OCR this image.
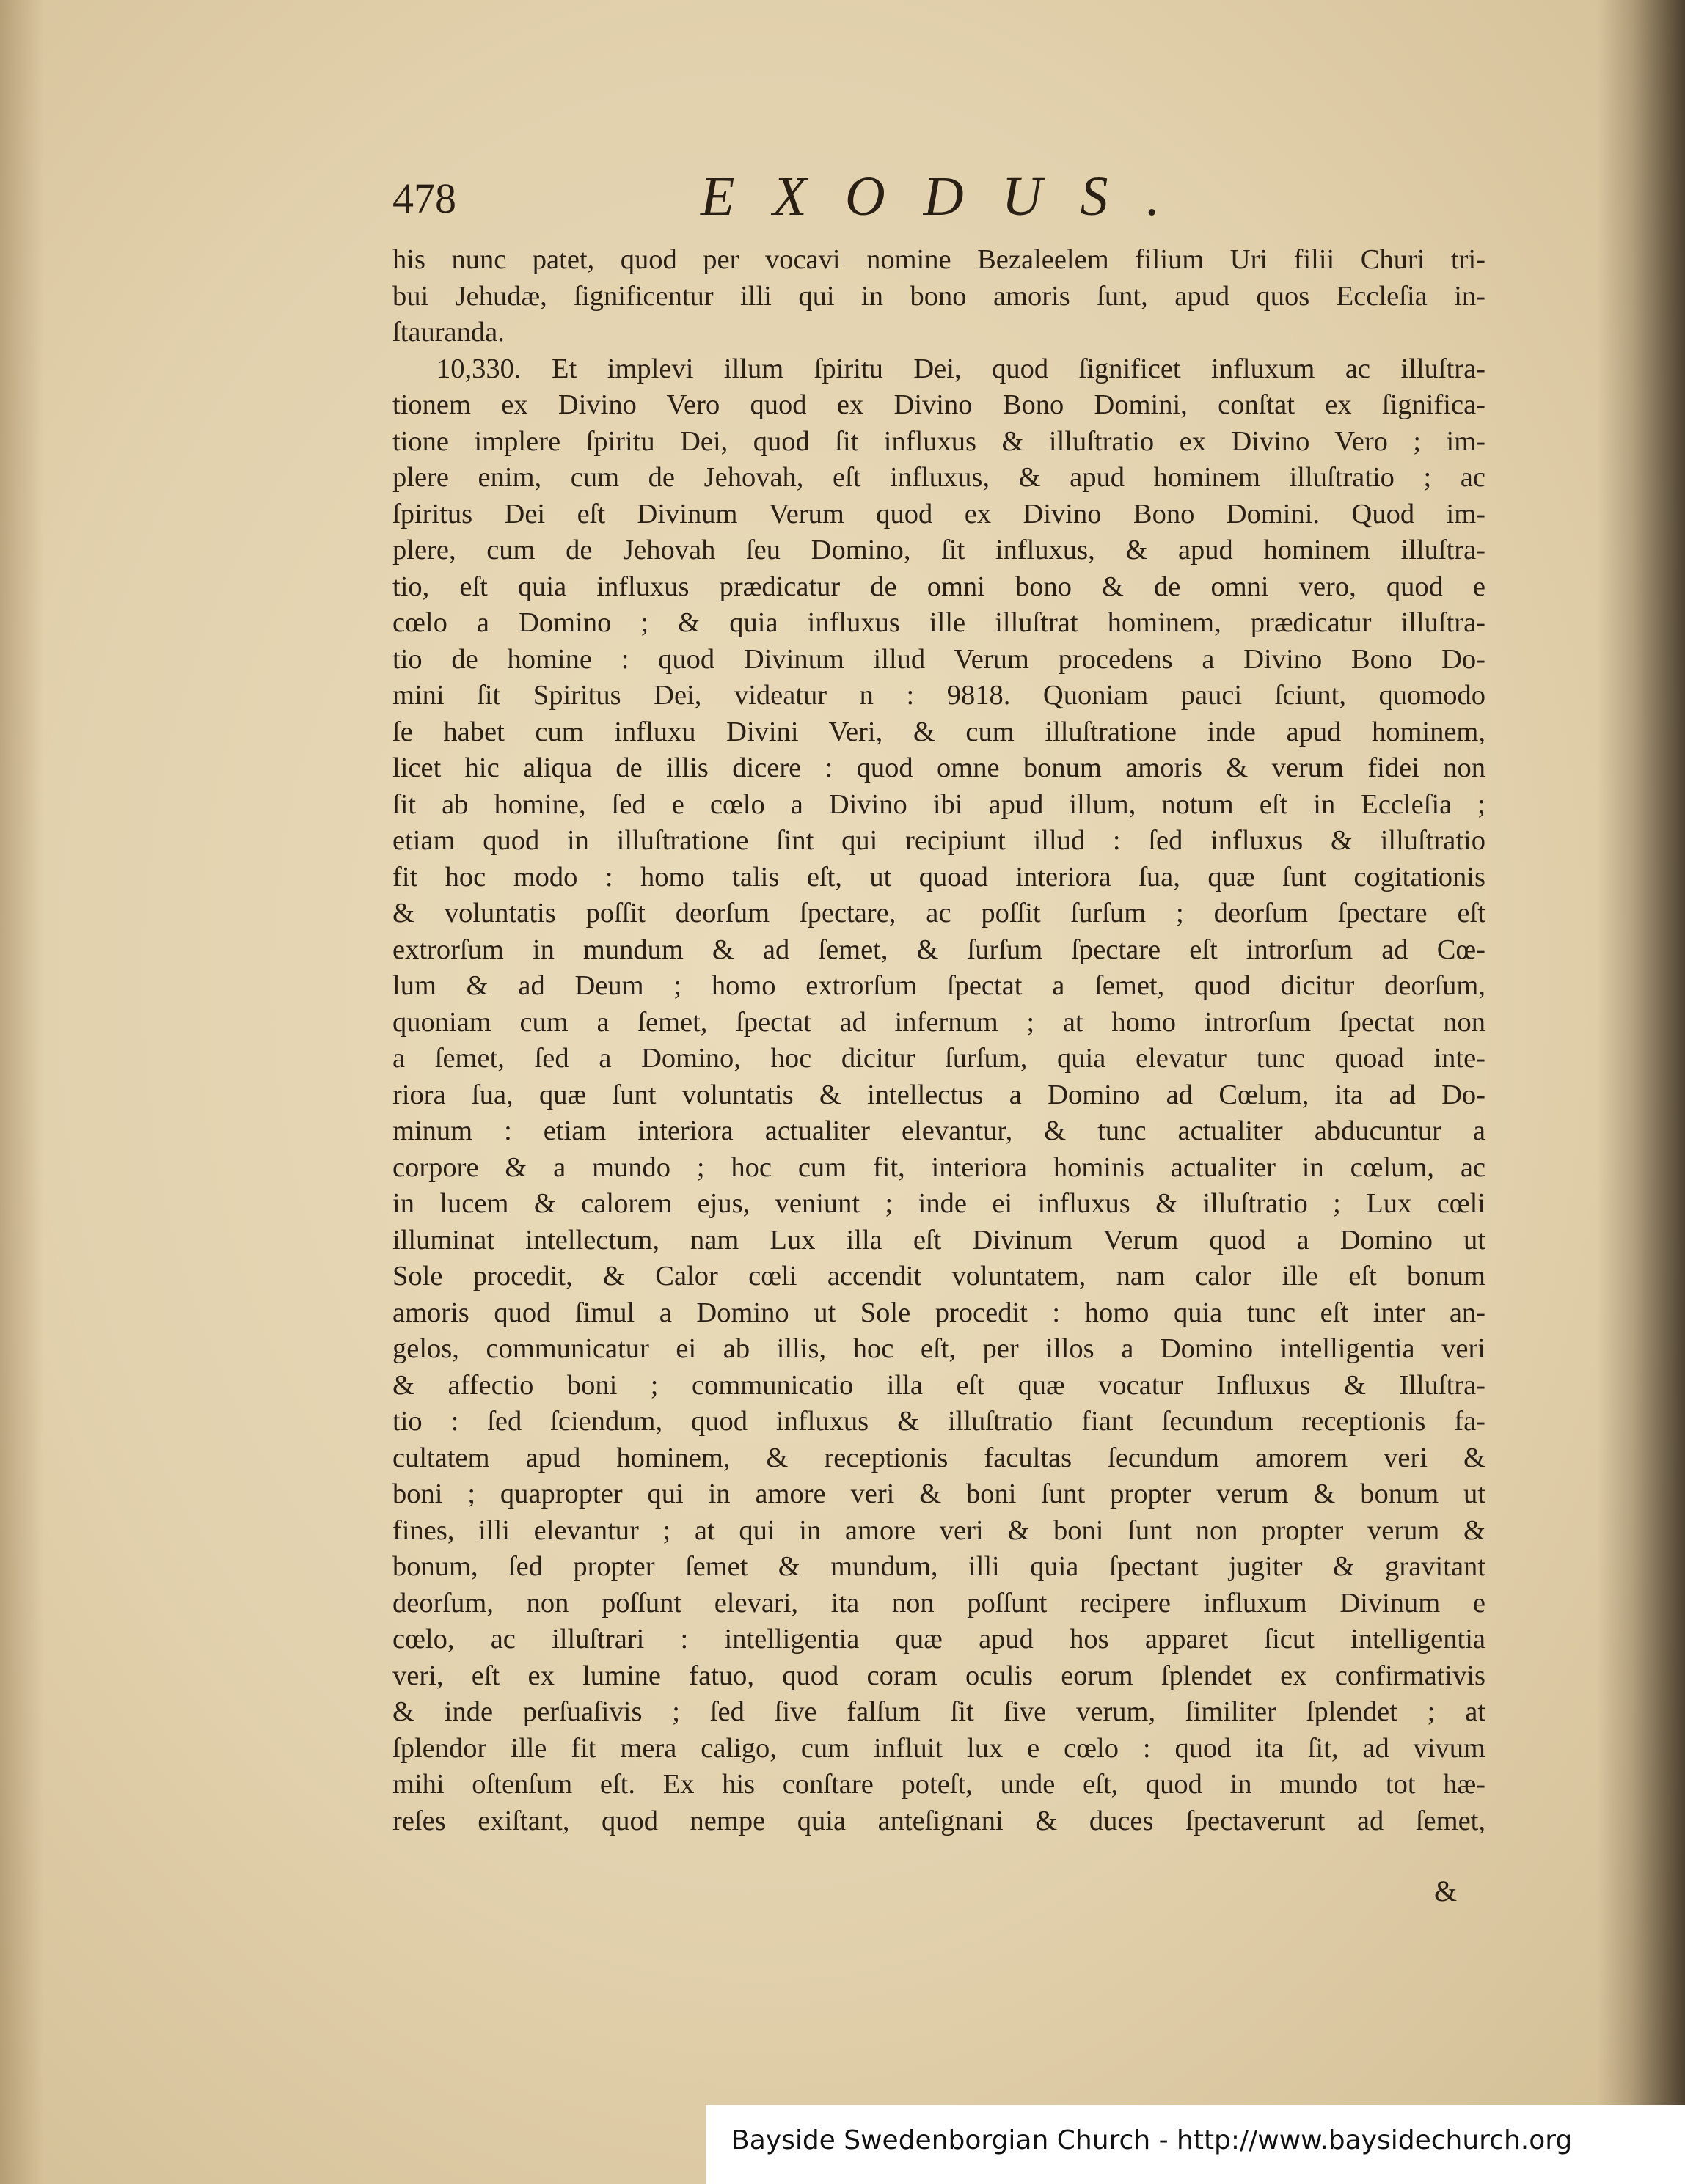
478	EXODUS.
his nunc patet, quod per vocavi nomine Bezaleelem filium Uri filii Churi tri-
bui Jehudæ, ſignificentur illi qui in bono amoris ſunt, apud quos Eccleſia in-
ſtauranda.
10,330. Et implevi illum ſpiritu Dei, quod ſignificet influxum ac illuſtra-
tionem ex Divino Vero quod ex Divino Bono Domini, conſtat ex ſignifica-
tione implere ſpiritu Dei, quod ſit influxus & illuſtratio ex Divino Vero ; im-
plere enim, cum de Jehovah, eſt influxus, & apud hominem illuſtratio ; ac
ſpiritus Dei eſt Divinum Verum quod ex Divino Bono Domini. Quod im-
plere, cum de Jehovah ſeu Domino, ſit influxus, & apud hominem illuſtra-
tio, eſt quia influxus prædicatur de omni bono & de omni vero, quod e
cœlo a Domino ; & quia influxus ille illuſtrat hominem, prædicatur illuſtra-
tio de homine : quod Divinum illud Verum procedens a Divino Bono Do-
mini ſit Spiritus Dei, videatur n : 9818. Quoniam pauci ſciunt, quomodo
ſe habet cum influxu Divini Veri, & cum illuſtratione inde apud hominem,
licet hic aliqua de illis dicere : quod omne bonum amoris & verum fidei non
ſit ab homine, ſed e cœlo a Divino ibi apud illum, notum eſt in Eccleſia ;
etiam quod in illuſtratione ſint qui recipiunt illud : ſed influxus & illuſtratio
fit hoc modo : homo talis eſt, ut quoad interiora ſua, quæ ſunt cogitationis
& voluntatis poſſit deorſum ſpectare, ac poſſit ſurſum ; deorſum ſpectare eſt
extrorſum in mundum & ad ſemet, & ſurſum ſpectare eſt introrſum ad Cœ-
lum & ad Deum ; homo extrorſum ſpectat a ſemet, quod dicitur deorſum,
quoniam cum a ſemet, ſpectat ad infernum ; at homo introrſum ſpectat non
a ſemet, ſed a Domino, hoc dicitur ſurſum, quia elevatur tunc quoad inte-
riora ſua, quæ ſunt voluntatis & intellectus a Domino ad Cœlum, ita ad Do-
minum : etiam interiora actualiter elevantur, & tunc actualiter abducuntur a
corpore & a mundo ; hoc cum fit, interiora hominis actualiter in cœlum, ac
in lucem & calorem ejus, veniunt ; inde ei influxus & illuſtratio ; Lux cœli
illuminat intellectum, nam Lux illa eſt Divinum Verum quod a Domino ut
Sole procedit, & Calor cœli accendit voluntatem, nam calor ille eſt bonum
amoris quod ſimul a Domino ut Sole procedit : homo quia tunc eſt inter an-
gelos, communicatur ei ab illis, hoc eſt, per illos a Domino intelligentia veri
& affectio boni ; communicatio illa eſt quæ vocatur Influxus & Illuſtra-
tio : ſed ſciendum, quod influxus & illuſtratio fiant ſecundum receptionis fa-
cultatem apud hominem, & receptionis facultas ſecundum amorem veri &
boni ; quapropter qui in amore veri & boni ſunt propter verum & bonum ut
fines, illi elevantur ; at qui in amore veri & boni ſunt non propter verum &
bonum, ſed propter ſemet & mundum, illi quia ſpectant jugiter & gravitant
deorſum, non poſſunt elevari, ita non poſſunt recipere influxum Divinum e
cœlo, ac illuſtrari : intelligentia quæ apud hos apparet ſicut intelligentia
veri, eſt ex lumine fatuo, quod coram oculis eorum ſplendet ex confirmativis
& inde perſuaſivis ; ſed ſive falſum ſit ſive verum, ſimiliter ſplendet ; at
ſplendor ille fit mera caligo, cum influit lux e cœlo : quod ita ſit, ad vivum
mihi oſtenſum eſt. Ex his conſtare poteſt, unde eſt, quod in mundo tot hæ-
reſes exiſtant, quod nempe quia anteſignani & duces ſpectaverunt ad ſemet,
&
Bayside Swedenborgian Church - http://www.baysidechurch.org
